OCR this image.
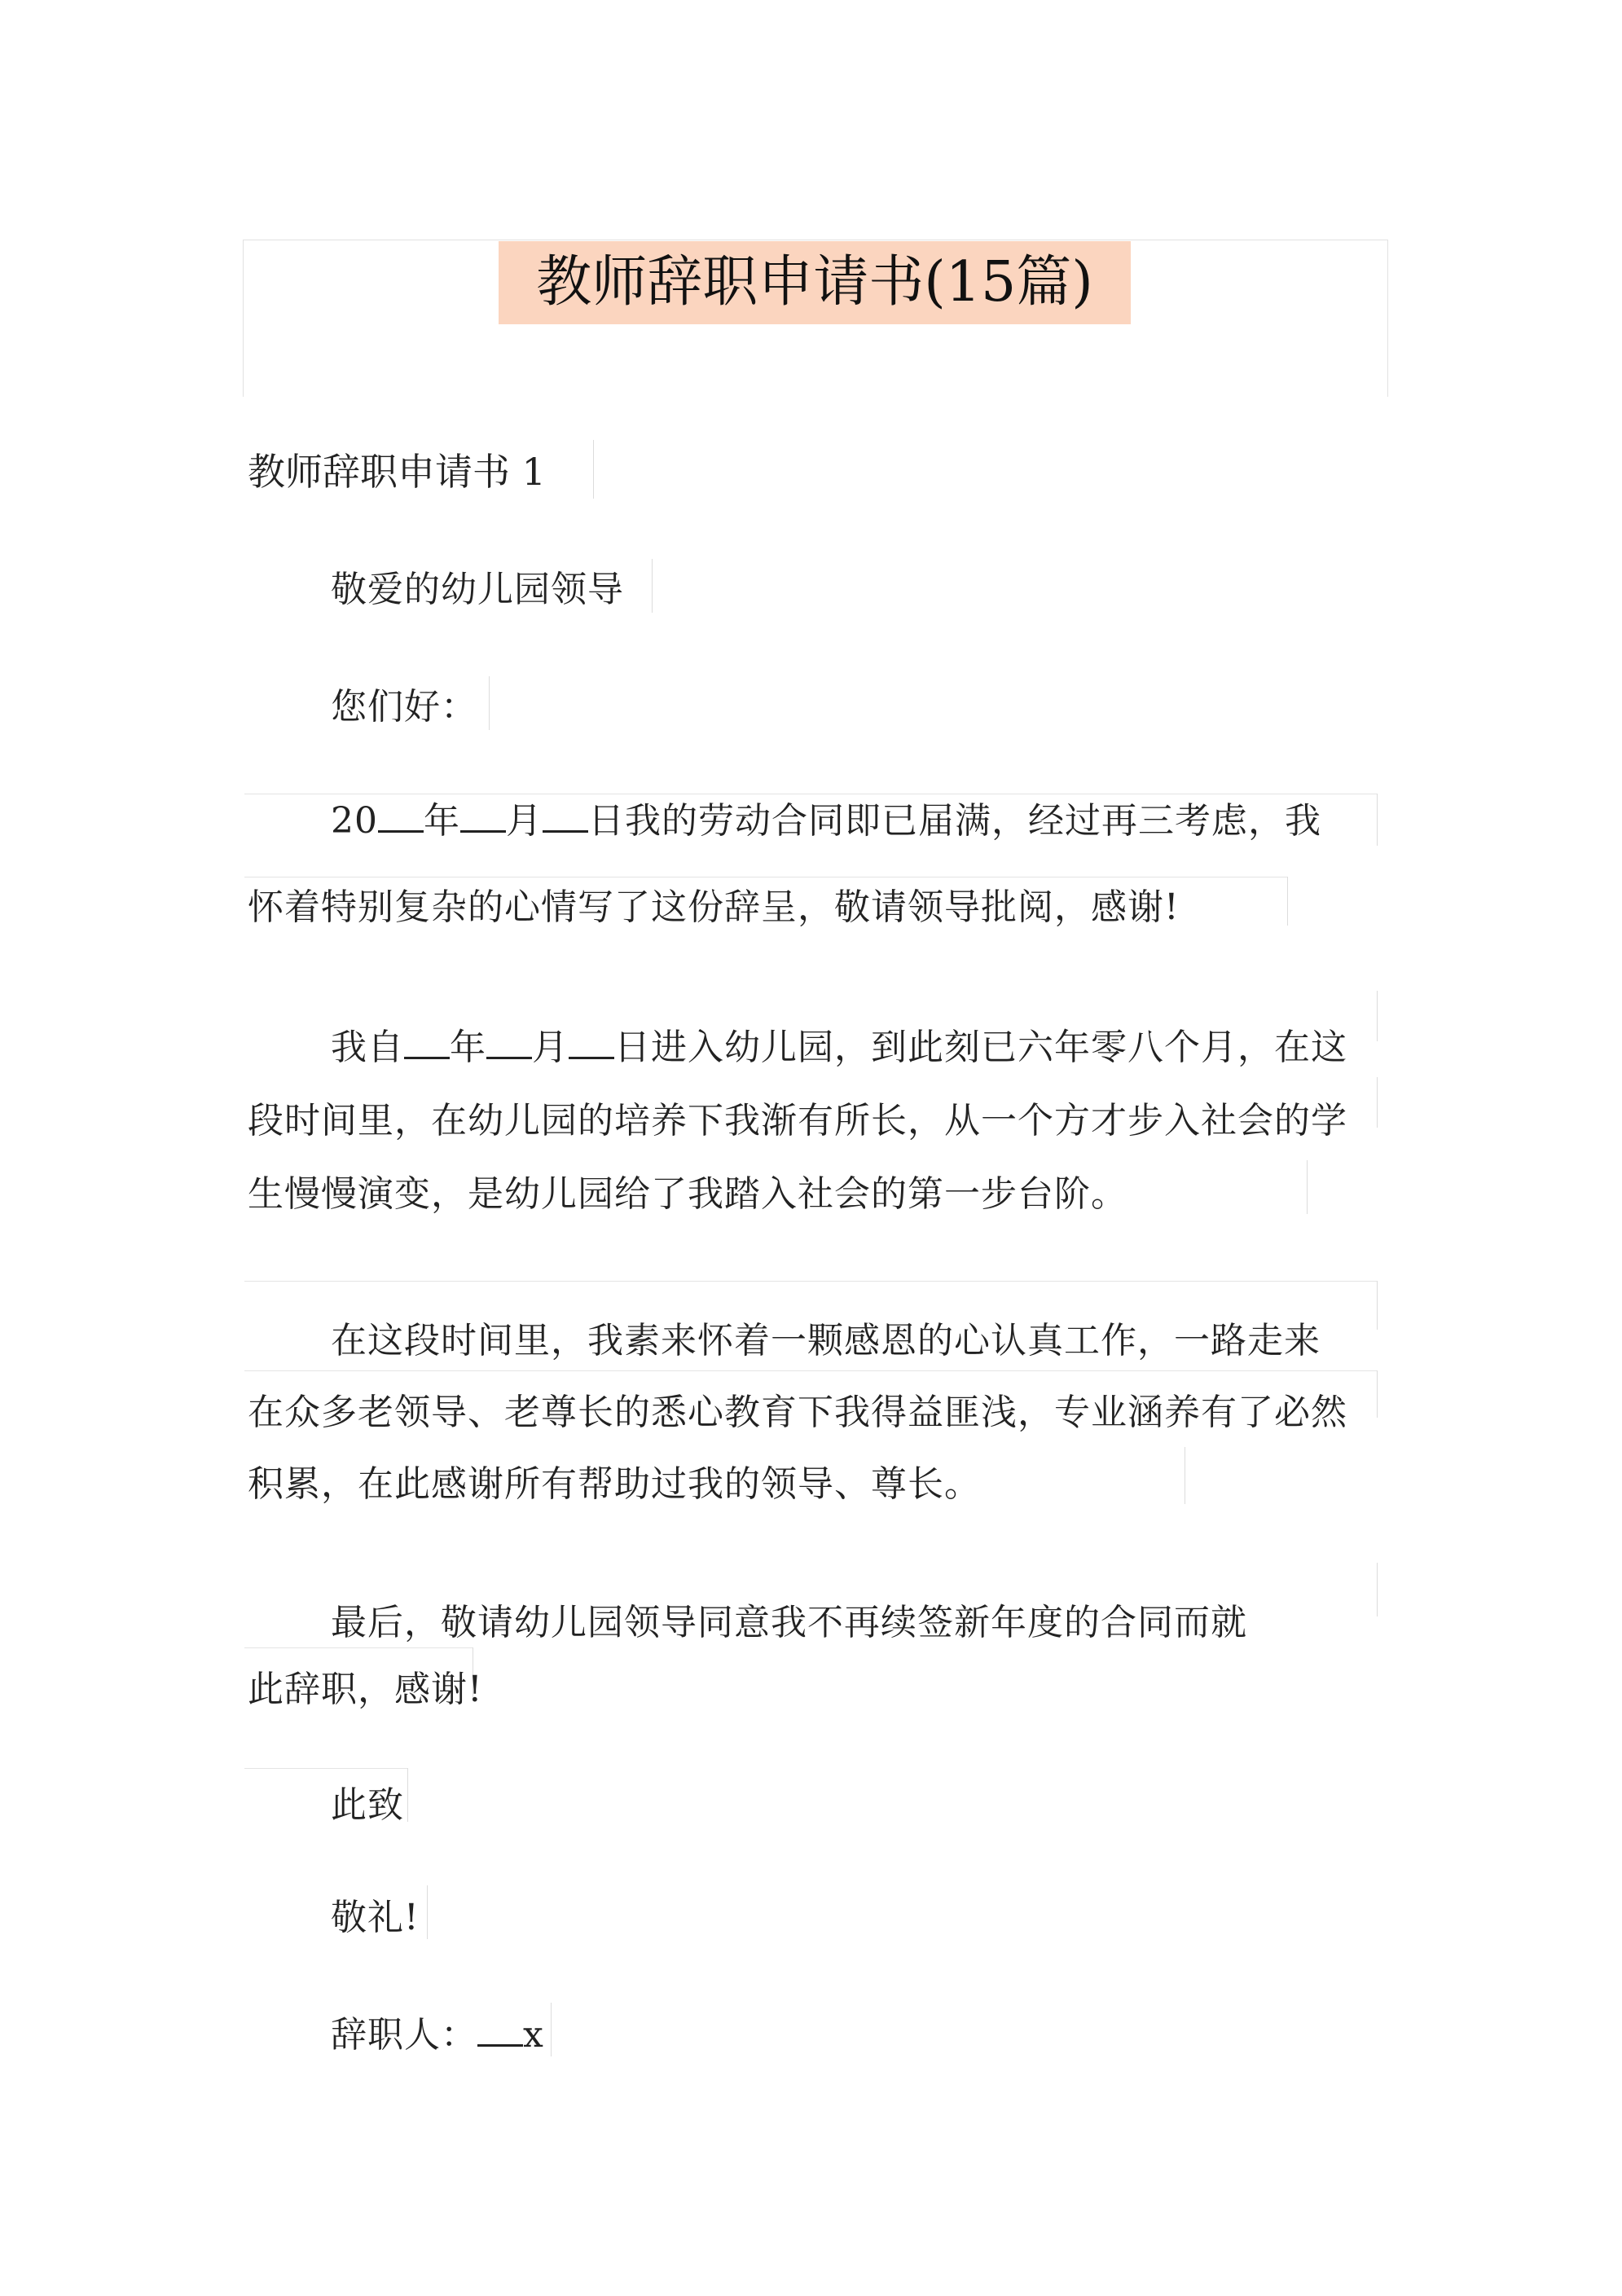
教师辞职申请书(15篇)
教师辞职申请书 1
敬爱的幼儿园领导
您们好：
20 年 月 日我的劳动合同即已届满，经过再三考虑，我
怀着特别复杂的心情写了这份辞呈，敬请领导批阅，感谢!
我自 年 月 日进入幼儿园，到此刻已六年零八个月，在这
段时间里，在幼儿园的培养下我渐有所长，从一个方才步入社会的学
生慢慢演变，是幼儿园给了我踏入社会的第一步台阶。
在这段时间里，我素来怀着一颗感恩的心认真工作，一路走来
在众多老领导、老尊长的悉心教育下我得益匪浅，专业涵养有了必然
积累，在此感谢所有帮助过我的领导、尊长。
最后，敬请幼儿园领导同意我不再续签新年度的合同而就
此辞职，感谢!
此致
敬礼!
辞职人： x
